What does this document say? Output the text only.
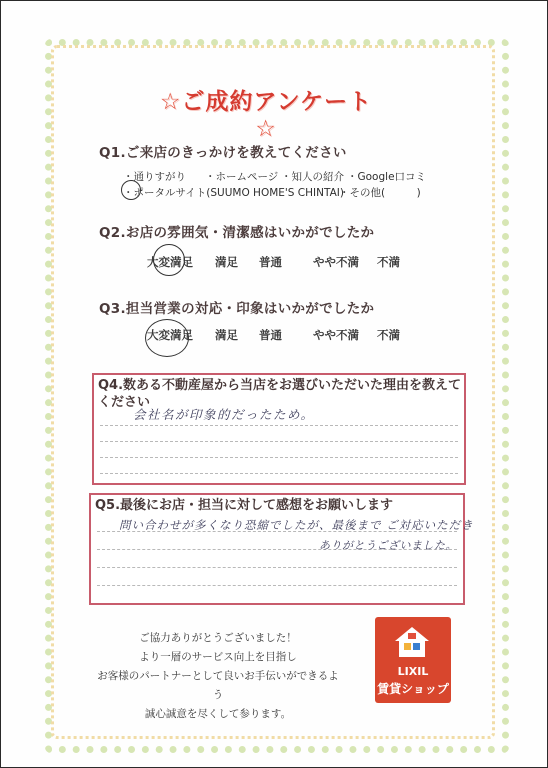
☆ご成約アンケート☆
Q1.ご来店のきっかけを教えてください
・通りすがり ・ホームページ ・知人の紹介 ・Google口コミ
・ポータルサイト(SUUMO HOME'S CHINTAI)
・その他(　　　)
Q2.お店の雰囲気・清潔感はいかがでしたか
大変満足 満足 普通	やや不満 不満
Q3.担当営業の対応・印象はいかがでしたか
大変満足 満足 普通	やや不満 不満
Q4.数ある不動産屋から当店をお選びいただいた理由を教えて
ください
会社名が印象的だったため。
Q5.最後にお店・担当に対して感想をお願いします
問い合わせが多くなり恐縮でしたが、最後まで ご対応いただき
ありがとうございました。
ご協力ありがとうございました！
より一層のサービス向上を目指し
お客様のパートナーとして良いお手伝いができるよう
誠心誠意を尽くして参ります。
LIXIL
賃貸ショップ
